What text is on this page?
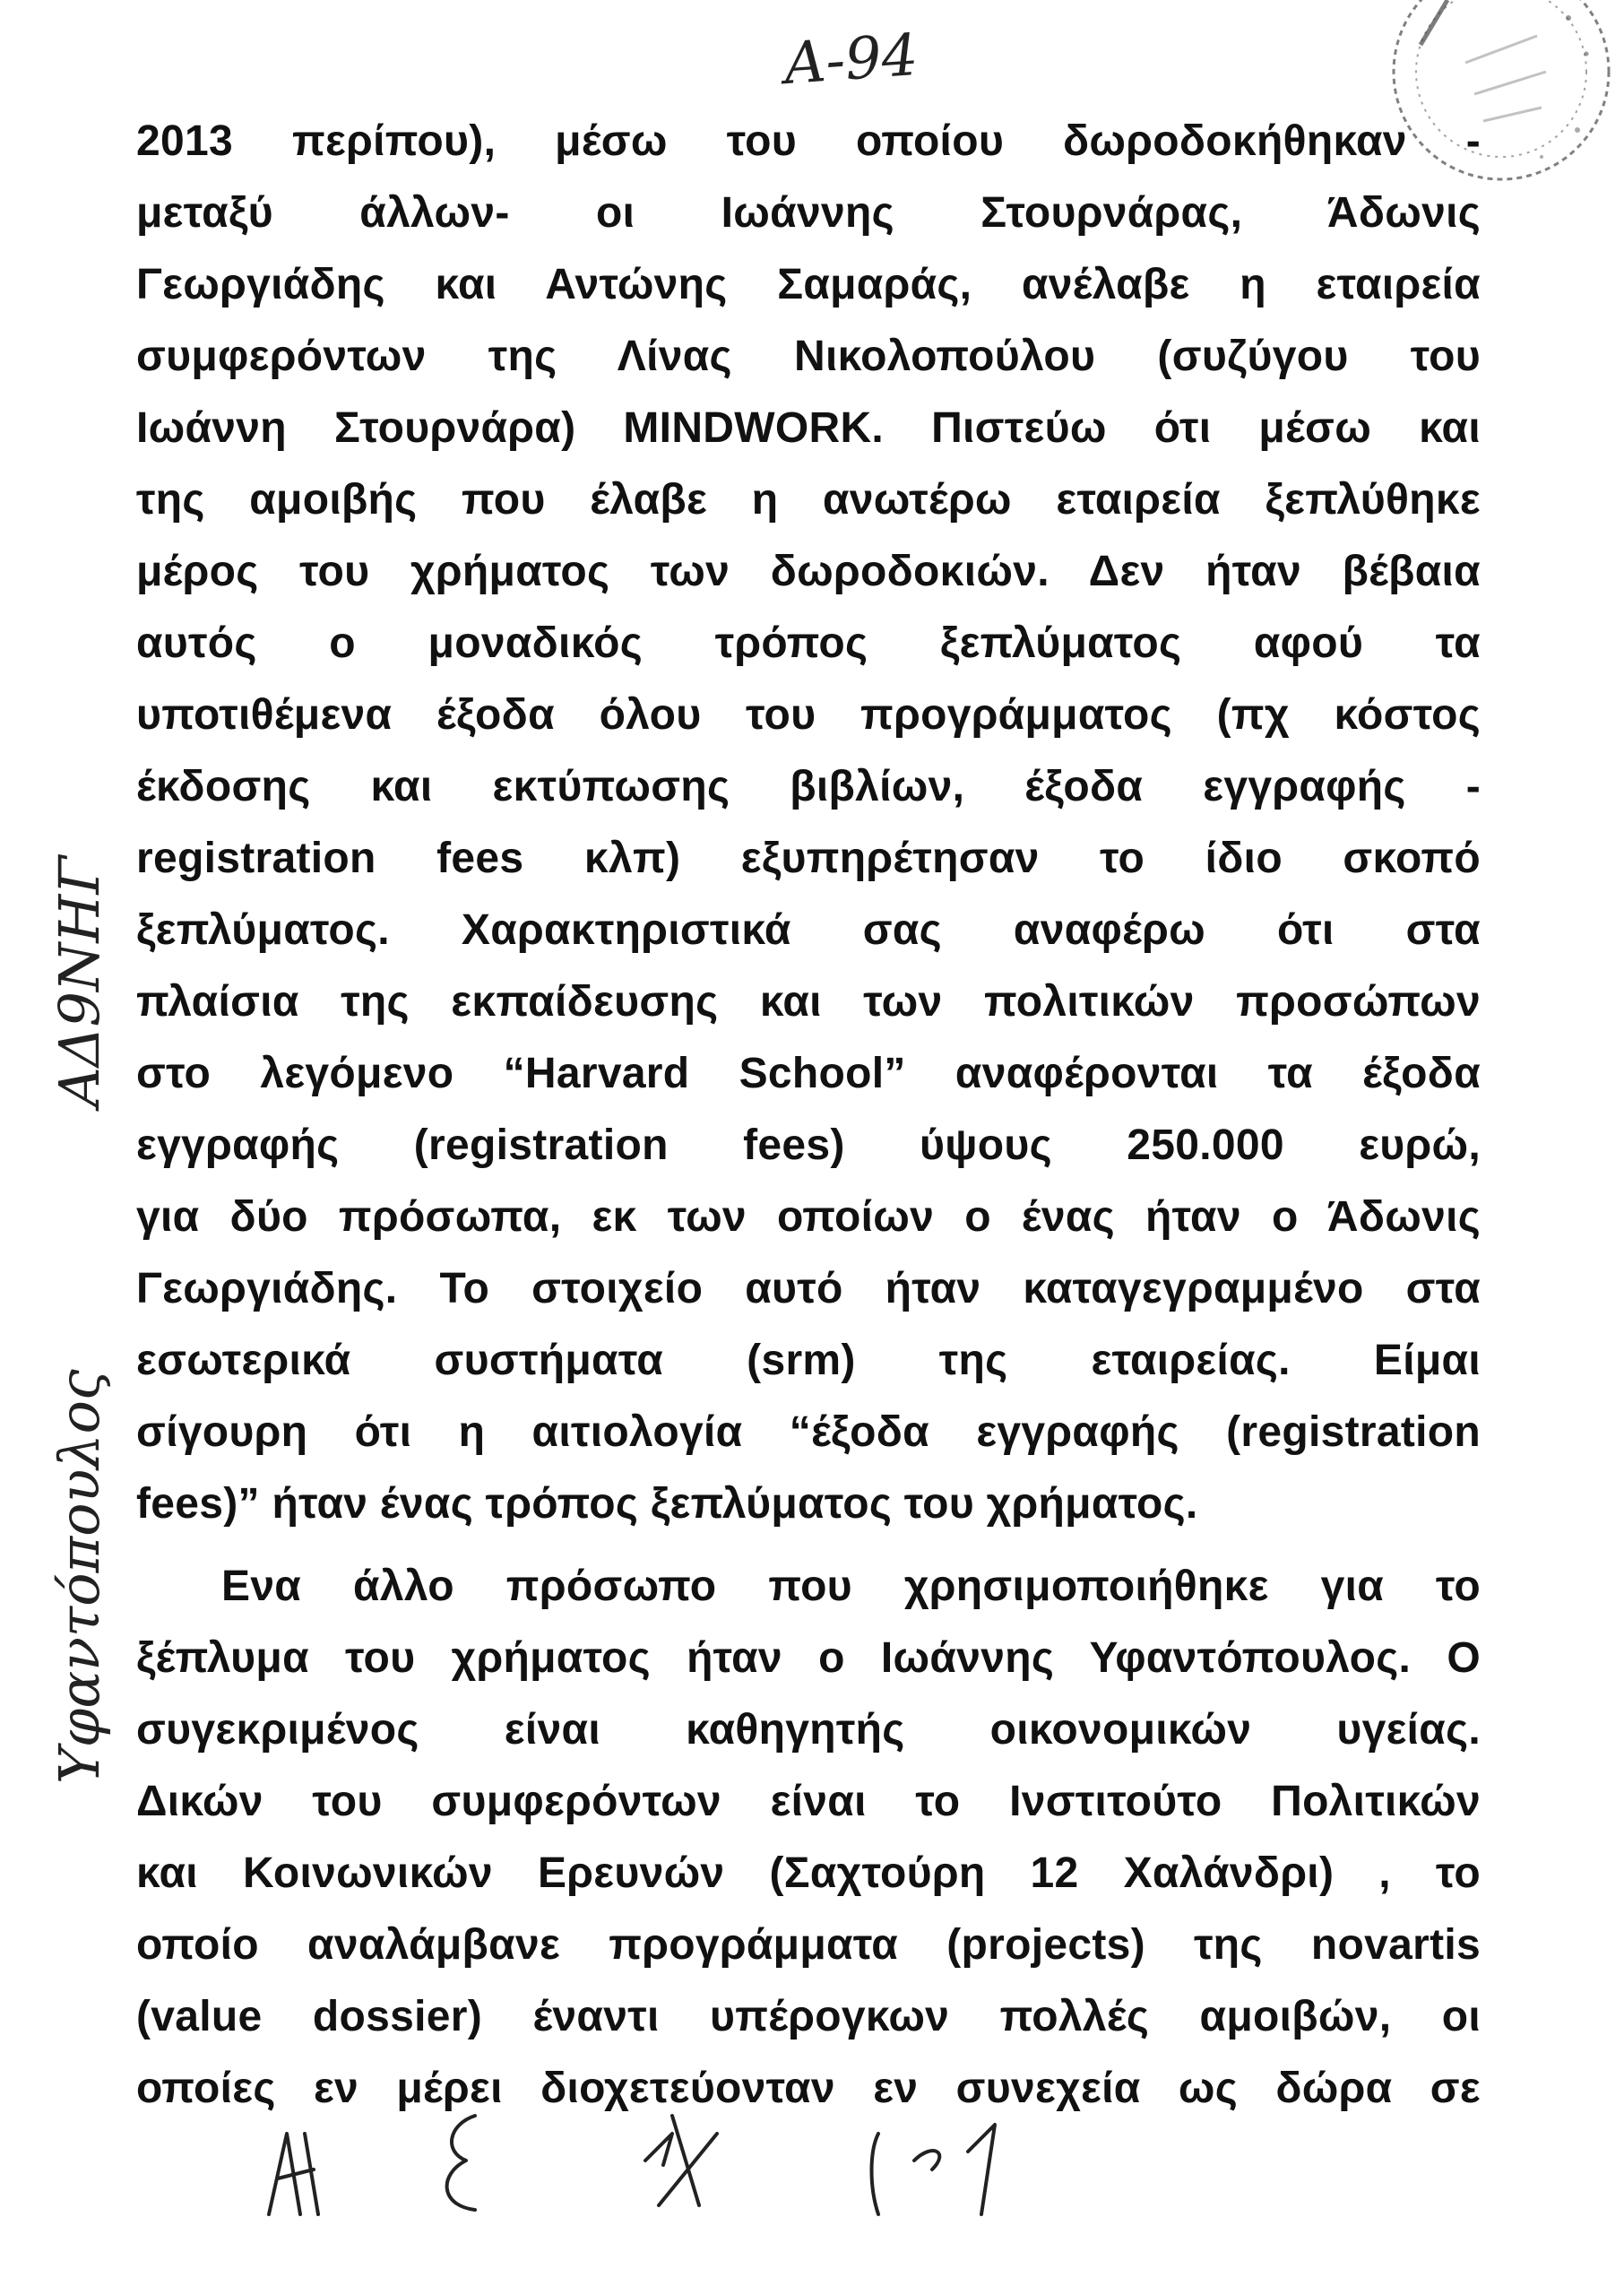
Α-94
ΑΔ9ΝΗΓ
Υφαντόπουλος
2013 περίπου), μέσω του οποίου δωροδοκήθηκαν -
μεταξύ άλλων- οι Ιωάννης Στουρνάρας, Άδωνις
Γεωργιάδης και Αντώνης Σαμαράς, ανέλαβε η εταιρεία
συμφερόντων της Λίνας Νικολοπούλου (συζύγου του
Ιωάννη Στουρνάρα) MINDWORK. Πιστεύω ότι μέσω και
της αμοιβής που έλαβε η ανωτέρω εταιρεία ξεπλύθηκε
μέρος του χρήματος των δωροδοκιών. Δεν ήταν βέβαια
αυτός ο μοναδικός τρόπος ξεπλύματος αφού τα
υποτιθέμενα έξοδα όλου του προγράμματος (πχ κόστος
έκδοσης και εκτύπωσης βιβλίων, έξοδα εγγραφής -
registration fees κλπ) εξυπηρέτησαν το ίδιο σκοπό
ξεπλύματος. Χαρακτηριστικά σας αναφέρω ότι στα
πλαίσια της εκπαίδευσης και των πολιτικών προσώπων
στο λεγόμενο “Harvard School” αναφέρονται τα έξοδα
εγγραφής (registration fees) ύψους 250.000 ευρώ,
για δύο πρόσωπα, εκ των οποίων ο ένας ήταν ο Άδωνις
Γεωργιάδης. Το στοιχείο αυτό ήταν καταγεγραμμένο στα
εσωτερικά συστήματα (srm) της εταιρείας. Είμαι
σίγουρη ότι η αιτιολογία “έξοδα εγγραφής (registration
fees)” ήταν ένας τρόπος ξεπλύματος του χρήματος.
Ενα άλλο πρόσωπο που χρησιμοποιήθηκε για το
ξέπλυμα του χρήματος ήταν ο Ιωάννης Υφαντόπουλος. Ο
συγεκριμένος είναι καθηγητής οικονομικών υγείας.
Δικών του συμφερόντων είναι το Ινστιτούτο Πολιτικών
και Κοινωνικών Ερευνών (Σαχτούρη 12 Χαλάνδρι) , το
οποίο αναλάμβανε προγράμματα (projects) της novartis
(value dossier) έναντι υπέρογκων πολλές αμοιβών, οι
οποίες εν μέρει διοχετεύονταν εν συνεχεία ως δώρα σε
